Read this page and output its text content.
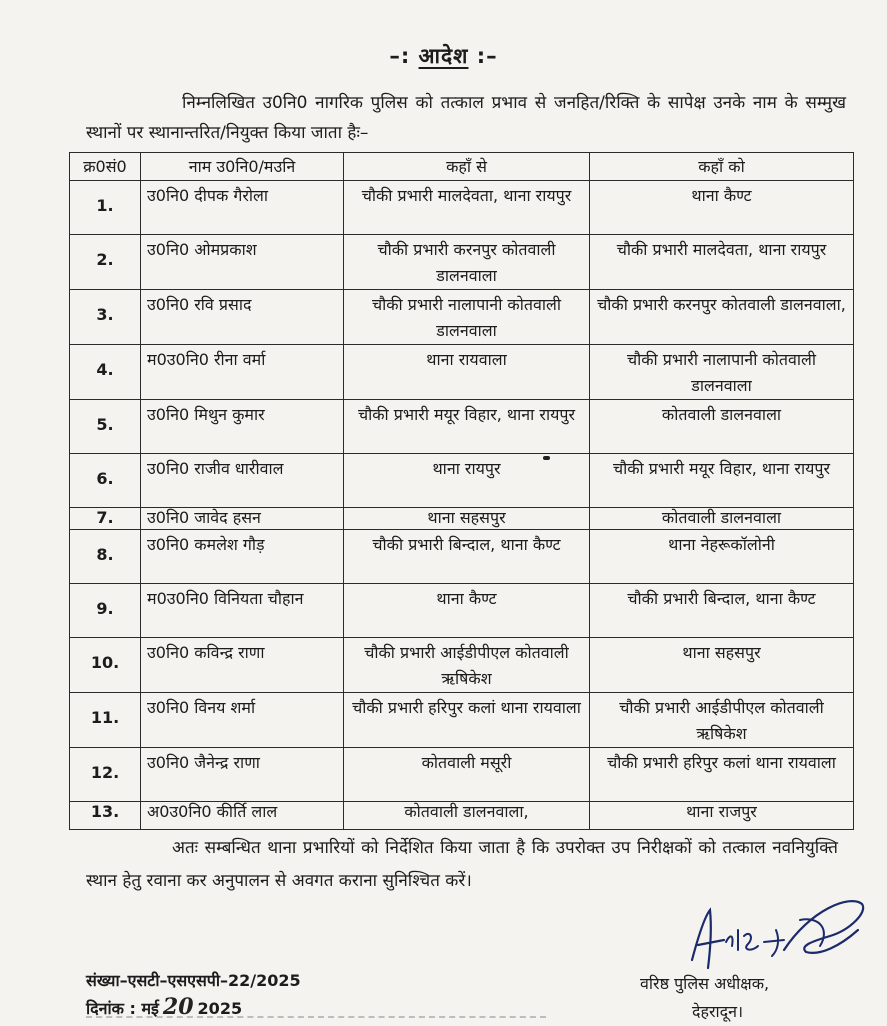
–: आदेश :–
निम्नलिखित उ0नि0 नागरिक पुलिस को तत्काल प्रभाव से जनहित/रिक्ति के सापेक्ष उनके नाम के सम्मुख स्थानों पर स्थानान्तरित/नियुक्त किया जाता हैः–
क्र0सं0	नाम उ0नि0/मउनि	कहाँ से	कहाँ को
1.	उ0नि0 दीपक गैरोला	चौकी प्रभारी मालदेवता, थाना रायपुर	थाना कैण्ट
2.	उ0नि0 ओमप्रकाश	चौकी प्रभारी करनपुर कोतवाली डालनवाला	चौकी प्रभारी मालदेवता, थाना रायपुर
3.	उ0नि0 रवि प्रसाद	चौकी प्रभारी नालापानी कोतवाली डालनवाला	चौकी प्रभारी करनपुर कोतवाली डालनवाला,
4.	म0उ0नि0 रीना वर्मा	थाना रायवाला	चौकी प्रभारी नालापानी कोतवाली डालनवाला
5.	उ0नि0 मिथुन कुमार	चौकी प्रभारी मयूर विहार, थाना रायपुर	कोतवाली डालनवाला
6.	उ0नि0 राजीव धारीवाल	थाना रायपुर	चौकी प्रभारी मयूर विहार, थाना रायपुर
7.	उ0नि0 जावेद हसन	थाना सहसपुर	कोतवाली डालनवाला
8.	उ0नि0 कमलेश गौड़	चौकी प्रभारी बिन्दाल, थाना कैण्ट	थाना नेहरूकॉलोनी
9.	म0उ0नि0 विनियता चौहान	थाना कैण्ट	चौकी प्रभारी बिन्दाल, थाना कैण्ट
10.	उ0नि0 कविन्द्र राणा	चौकी प्रभारी आईडीपीएल कोतवाली ऋषिकेश	थाना सहसपुर
11.	उ0नि0 विनय शर्मा	चौकी प्रभारी हरिपुर कलां थाना रायवाला	चौकी प्रभारी आईडीपीएल कोतवाली ऋषिकेश
12.	उ0नि0 जैनेन्द्र राणा	कोतवाली मसूरी	चौकी प्रभारी हरिपुर कलां थाना रायवाला
13.	अ0उ0नि0 कीर्ति लाल	कोतवाली डालनवाला,	थाना राजपुर
अतः सम्बन्धित थाना प्रभारियों को निर्देशित किया जाता है कि उपरोक्त उप निरीक्षकों को तत्काल नवनियुक्ति स्थान हेतु रवाना कर अनुपालन से अवगत कराना सुनिश्चित करें।
संख्या–एसटी–एसएसपी–22/2025
दिनांक : मई 20 2025
वरिष्ठ पुलिस अधीक्षक,
देहरादून।
